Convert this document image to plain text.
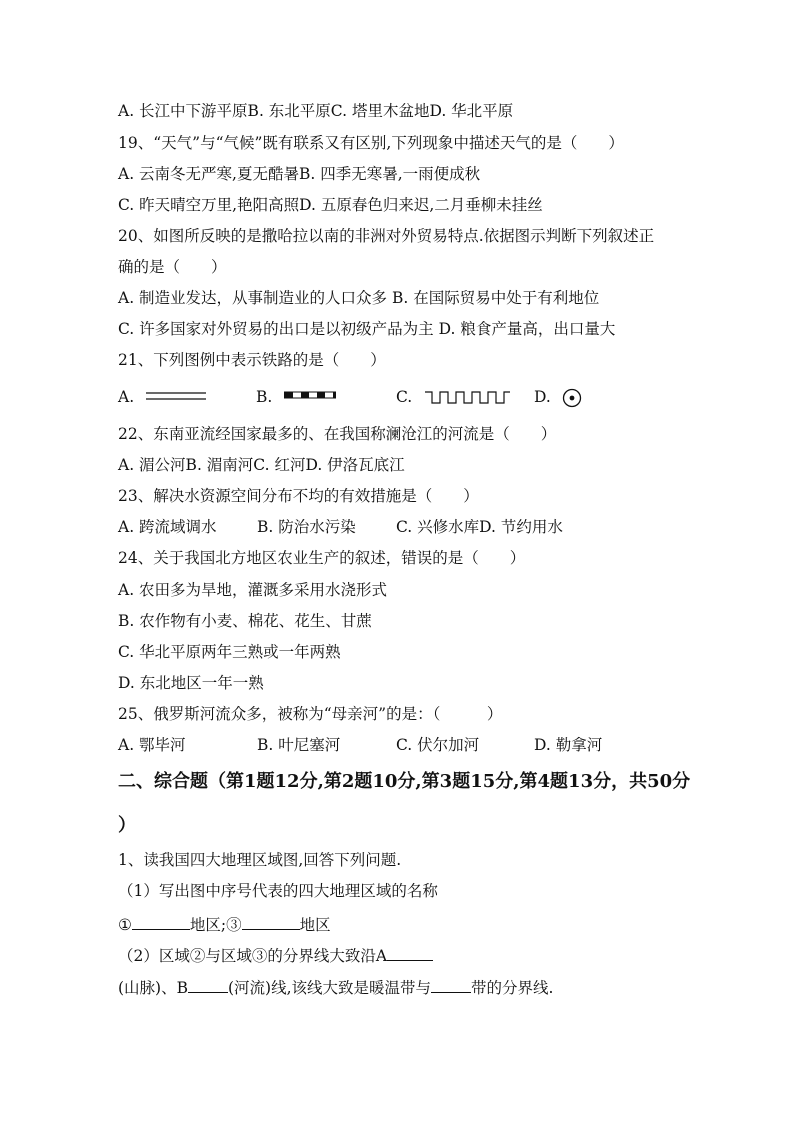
A. 长江中下游平原B. 东北平原C. 塔里木盆地D. 华北平原
19、“天气”与“气候”既有联系又有区别,下列现象中描述天气的是（　　）
A. 云南冬无严寒,夏无酷暑B. 四季无寒暑,一雨便成秋
C. 昨天晴空万里,艳阳高照D. 五原春色归来迟,二月垂柳未挂丝
20、如图所反映的是撒哈拉以南的非洲对外贸易特点.依据图示判断下列叙述正
确的是（　　）
A. 制造业发达，从事制造业的人口众多 B. 在国际贸易中处于有利地位
C. 许多国家对外贸易的出口是以初级产品为主 D. 粮食产量高，出口量大
21、下列图例中表示铁路的是（　　）
A.	B.	C.	D.
22、东南亚流经国家最多的、在我国称澜沧江的河流是（　　）
A. 湄公河B. 湄南河C. 红河D. 伊洛瓦底江
23、解决水资源空间分布不均的有效措施是（　　）
A. 跨流域调水	B. 防治水污染	C. 兴修水库D. 节约用水
24、关于我国北方地区农业生产的叙述，错误的是（　　）
A. 农田多为旱地，灌溉多采用水浇形式
B. 农作物有小麦、棉花、花生、甘蔗
C. 华北平原两年三熟或一年两熟
D. 东北地区一年一熟
25、俄罗斯河流众多，被称为“母亲河”的是：（　　　）
A. 鄂毕河	B. 叶尼塞河	C. 伏尔加河	D. 勒拿河
二、综合题（第1题12分,第2题10分,第3题15分,第4题13分，共50分
）
1、读我国四大地理区域图,回答下列问题.
（1）写出图中序号代表的四大地理区域的名称
①	地区;③	地区
（2）区域②与区域③的分界线大致沿A
(山脉)、B	(河流)线,该线大致是暖温带与	带的分界线.
